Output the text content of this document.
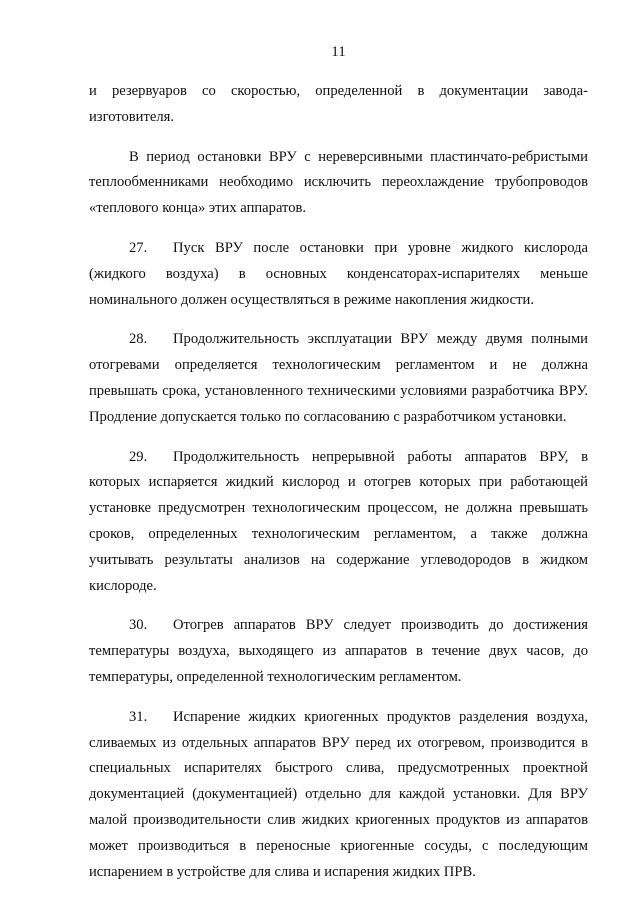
11

и резервуаров со скоростью, определенной в документации завода-изготовителя.

В период остановки ВРУ с нереверсивными пластинчато-ребристыми теплообменниками необходимо исключить переохлаждение трубопроводов «теплового конца» этих аппаратов.

27. Пуск ВРУ после остановки при уровне жидкого кислорода (жидкого воздуха) в основных конденсаторах-испарителях меньше номинального должен осуществляться в режиме накопления жидкости.

28. Продолжительность эксплуатации ВРУ между двумя полными отогревами определяется технологическим регламентом и не должна превышать срока, установленного техническими условиями разработчика ВРУ. Продление допускается только по согласованию с разработчиком установки.

29. Продолжительность непрерывной работы аппаратов ВРУ, в которых испаряется жидкий кислород и отогрев которых при работающей установке предусмотрен технологическим процессом, не должна превышать сроков, определенных технологическим регламентом, а также должна учитывать результаты анализов на содержание углеводородов в жидком кислороде.

30. Отогрев аппаратов ВРУ следует производить до достижения температуры воздуха, выходящего из аппаратов в течение двух часов, до температуры, определенной технологическим регламентом.

31. Испарение жидких криогенных продуктов разделения воздуха, сливаемых из отдельных аппаратов ВРУ перед их отогревом, производится в специальных испарителях быстрого слива, предусмотренных проектной документацией (документацией) отдельно для каждой установки. Для ВРУ малой производительности слив жидких криогенных продуктов из аппаратов может производиться в переносные криогенные сосуды, с последующим испарением в устройстве для слива и испарения жидких ПРВ.
